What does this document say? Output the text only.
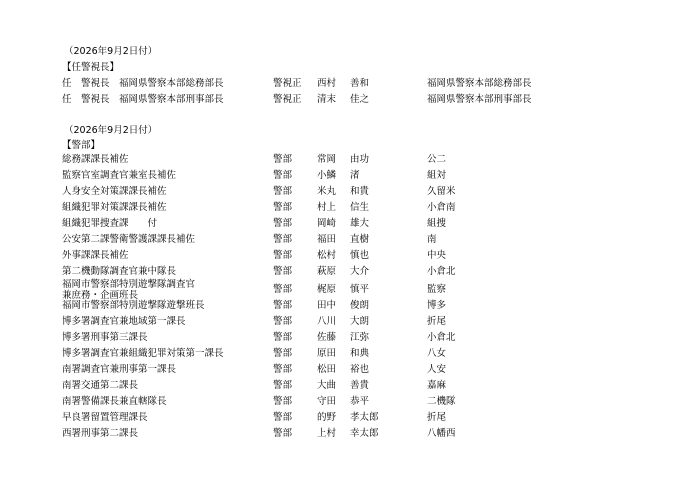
（2026年9月2日付）
【任警視長】
任　警視長　福岡県警察本部総務部長	警視正 西村 善和	福岡県警察本部総務部長
任　警視長　福岡県警察本部刑事部長	警視正 清末 佳之	福岡県警察本部刑事部長
（2026年9月2日付）
【警部】
総務課課長補佐	警部	常岡 由功	公二
監察官室調査官兼室長補佐	警部	小鱗 渚	組対
人身安全対策課課長補佐	警部	米丸 和貴	久留米
組織犯罪対策課課長補佐	警部	村上 信生	小倉南
組織犯罪捜査課　　付	警部	岡崎 雄大	組捜
公安第二課警衛警護課課長補佐	警部	福田 直樹	南
外事課課長補佐	警部	松村 慎也	中央
第二機動隊調査官兼中隊長	警部	萩原 大介	小倉北
福岡市警察部特別遊撃隊調査官
兼庶務・企画班長
警部	梶原 慎平	監察
福岡市警察部特別遊撃隊遊撃班長	警部	田中 俊朗	博多
博多署調査官兼地域第一課長	警部	八川 大朗	折尾
博多署刑事第三課長	警部	佐藤 江弥	小倉北
博多署調査官兼組織犯罪対策第一課長	警部	原田 和典	八女
南署調査官兼刑事第一課長	警部	松田 裕也	人安
南署交通第二課長	警部	大曲 善貴	嘉麻
南署警備課長兼直轄隊長	警部	守田 恭平	二機隊
早良署留置管理課長	警部	的野 孝太郎	折尾
西署刑事第二課長	警部	上村 幸太郎	八幡西
